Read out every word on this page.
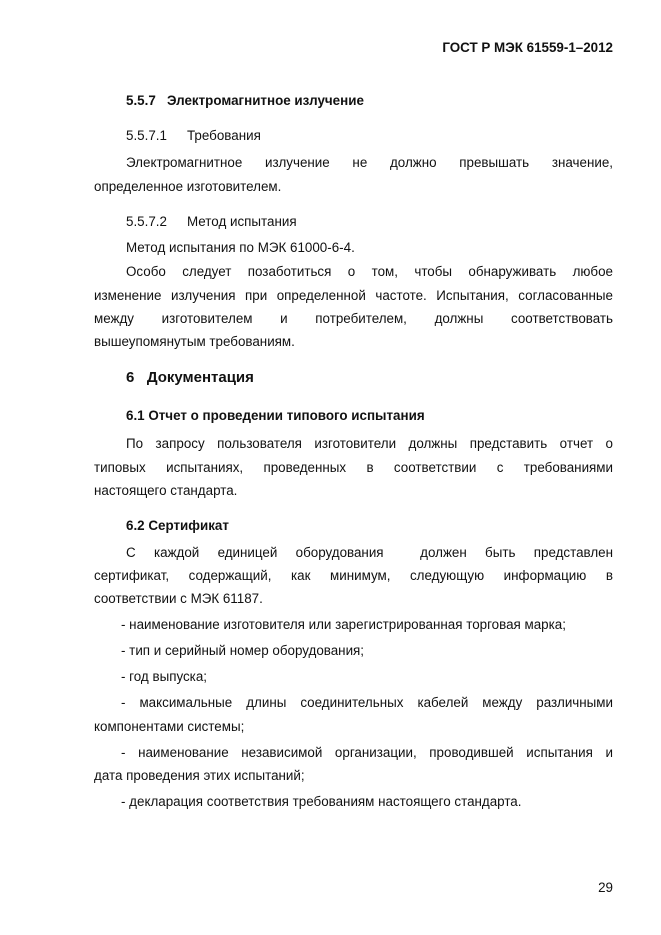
ГОСТ Р МЭК 61559-1–2012
5.5.7   Электромагнитное излучение
5.5.7.1 Требования
Электромагнитное излучение не должно превышать значение,
определенное изготовителем.
5.5.7.2 Метод испытания
Метод испытания по МЭК 61000-6-4.
Особо следует позаботиться о том, чтобы обнаруживать любое
изменение излучения при определенной частоте. Испытания, согласованные
между изготовителем и потребителем, должны соответствовать
вышеупомянутым требованиям.
6   Документация
6.1 Отчет о проведении типового испытания
По запросу пользователя изготовители должны представить отчет о
типовых испытаниях, проведенных в соответствии с требованиями
настоящего стандарта.
6.2 Сертификат
С каждой единицей оборудования  должен быть представлен
сертификат, содержащий, как минимум, следующую информацию в
соответствии с МЭК 61187.
- наименование изготовителя или зарегистрированная торговая марка;
- тип и серийный номер оборудования;
- год выпуска;
- максимальные длины соединительных кабелей между различными
компонентами системы;
- наименование независимой организации, проводившей испытания и
дата проведения этих испытаний;
- декларация соответствия требованиям настоящего стандарта.
29
